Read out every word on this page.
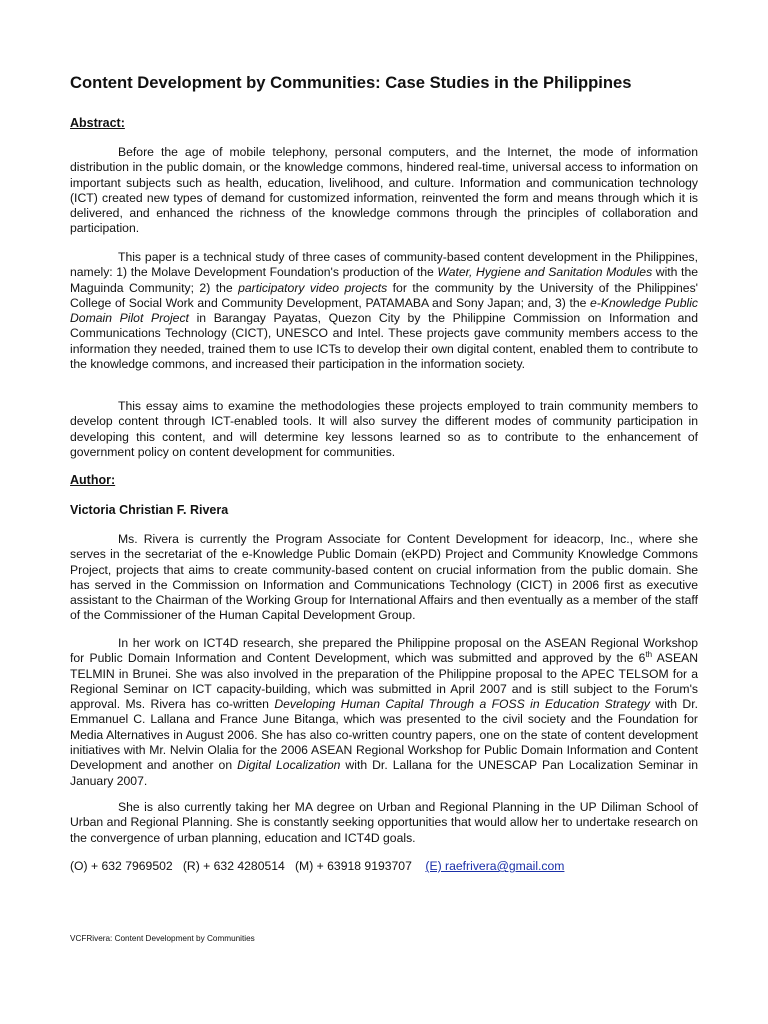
Content Development by Communities: Case Studies in the Philippines

Abstract:

Before the age of mobile telephony, personal computers, and the Internet, the mode of information distribution in the public domain, or the knowledge commons, hindered real-time, universal access to information on important subjects such as health, education, livelihood, and culture. Information and communication technology (ICT) created new types of demand for customized information, reinvented the form and means through which it is delivered, and enhanced the richness of the knowledge commons through the principles of collaboration and participation.

This paper is a technical study of three cases of community-based content development in the Philippines, namely: 1) the Molave Development Foundation's production of the Water, Hygiene and Sanitation Modules with the Maguinda Community; 2) the participatory video projects for the community by the University of the Philippines' College of Social Work and Community Development, PATAMABA and Sony Japan; and, 3) the e-Knowledge Public Domain Pilot Project in Barangay Payatas, Quezon City by the Philippine Commission on Information and Communications Technology (CICT), UNESCO and Intel. These projects gave community members access to the information they needed, trained them to use ICTs to develop their own digital content, enabled them to contribute to the knowledge commons, and increased their participation in the information society.

This essay aims to examine the methodologies these projects employed to train community members to develop content through ICT-enabled tools. It will also survey the different modes of community participation in developing this content, and will determine key lessons learned so as to contribute to the enhancement of government policy on content development for communities.

Author:

Victoria Christian F. Rivera

Ms. Rivera is currently the Program Associate for Content Development for ideacorp, Inc., where she serves in the secretariat of the e-Knowledge Public Domain (eKPD) Project and Community Knowledge Commons Project, projects that aims to create community-based content on crucial information from the public domain. She has served in the Commission on Information and Communications Technology (CICT) in 2006 first as executive assistant to the Chairman of the Working Group for International Affairs and then eventually as a member of the staff of the Commissioner of the Human Capital Development Group.

In her work on ICT4D research, she prepared the Philippine proposal on the ASEAN Regional Workshop for Public Domain Information and Content Development, which was submitted and approved by the 6th ASEAN TELMIN in Brunei. She was also involved in the preparation of the Philippine proposal to the APEC TELSOM for a Regional Seminar on ICT capacity-building, which was submitted in April 2007 and is still subject to the Forum's approval. Ms. Rivera has co-written Developing Human Capital Through a FOSS in Education Strategy with Dr. Emmanuel C. Lallana and France June Bitanga, which was presented to the civil society and the Foundation for Media Alternatives in August 2006. She has also co-written country papers, one on the state of content development initiatives with Mr. Nelvin Olalia for the 2006 ASEAN Regional Workshop for Public Domain Information and Content Development and another on Digital Localization with Dr. Lallana for the UNESCAP Pan Localization Seminar in January 2007.

She is also currently taking her MA degree on Urban and Regional Planning in the UP Diliman School of Urban and Regional Planning. She is constantly seeking opportunities that would allow her to undertake research on the convergence of urban planning, education and ICT4D goals.

(O) + 632 7969502 (R) + 632 4280514 (M) + 63918 9193707 (E) raefrivera@gmail.com

VCFRivera: Content Development by Communities
